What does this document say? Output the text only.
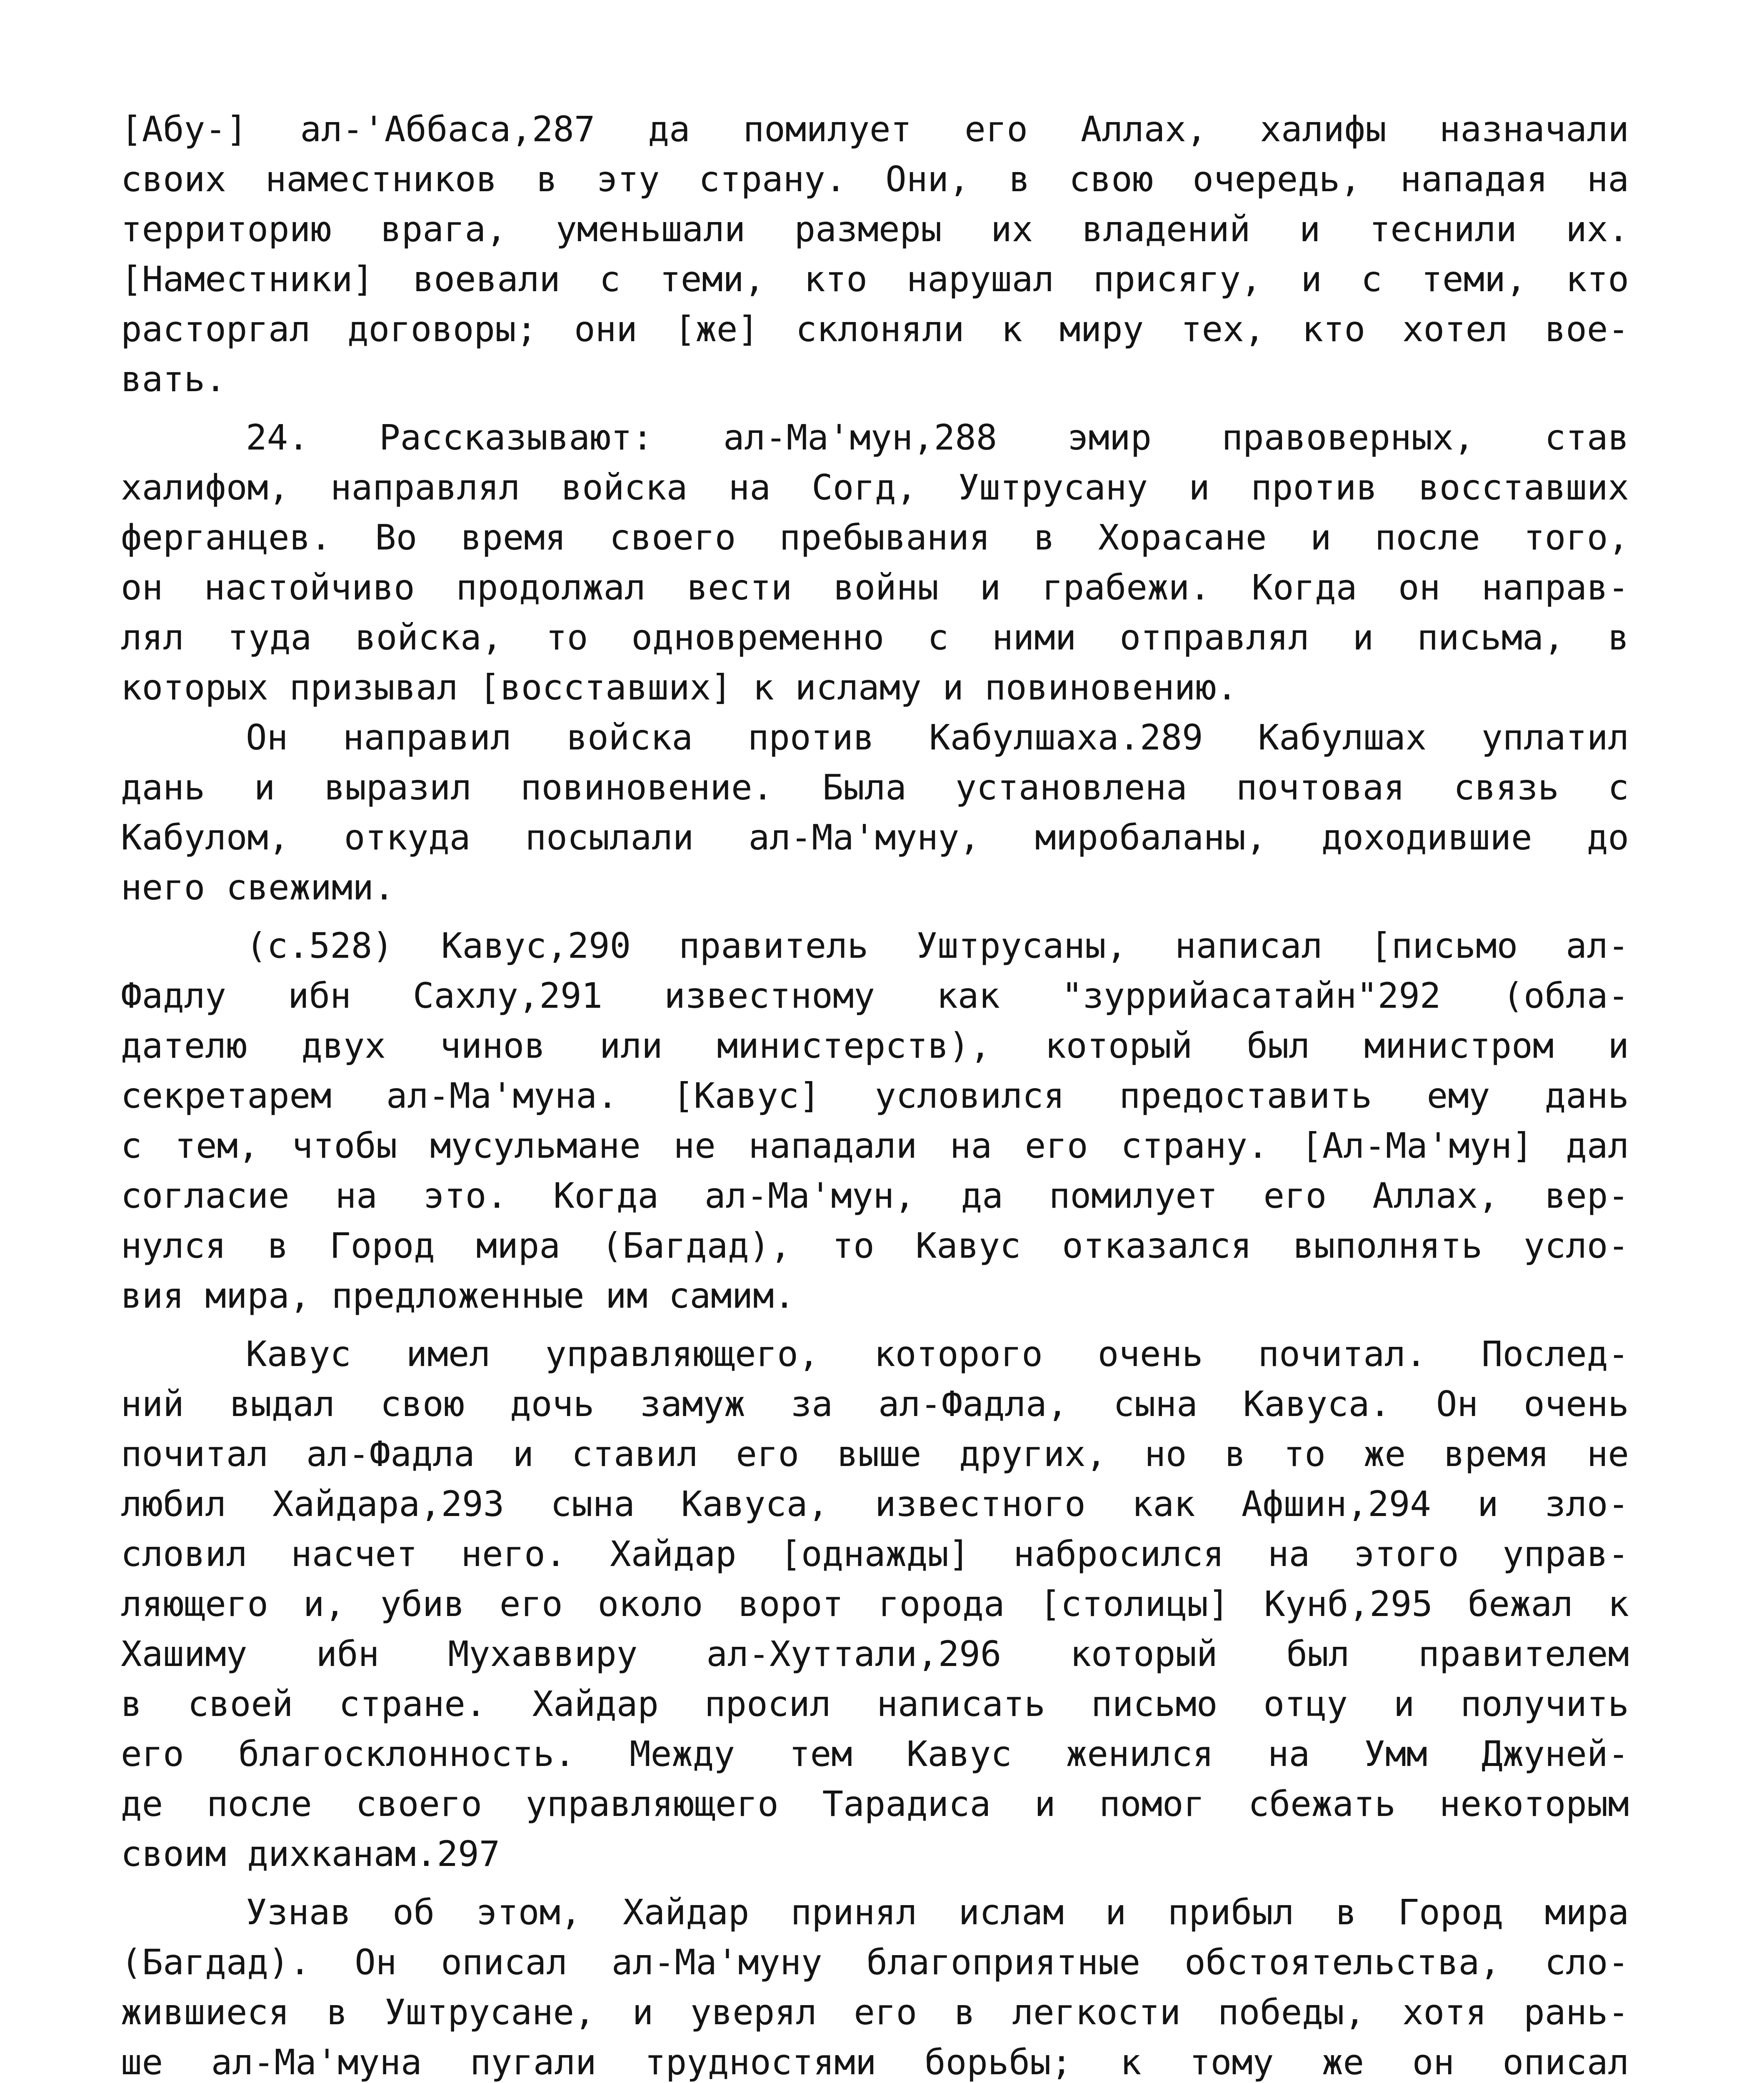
[Абу-] ал-'Аббаса,287 да помилует его Аллах, халифы назначали
своих наместников в эту страну. Они, в свою очередь, нападая на
территорию врага, уменьшали размеры их владений и теснили их.
[Наместники] воевали с теми, кто нарушал присягу, и с теми, кто
расторгал договоры; они [же] склоняли к миру тех, кто хотел вое-
вать.
24. Рассказывают: ал-Ма'мун,288 эмир правоверных, став
халифом, направлял войска на Согд, Уштрусану и против восставших
ферганцев. Во время своего пребывания в Хорасане и после того,
он настойчиво продолжал вести войны и грабежи. Когда он направ-
лял туда войска, то одновременно с ними отправлял и письма, в
которых призывал [восставших] к исламу и повиновению.
Он направил войска против Кабулшаха.289 Кабулшах уплатил
дань и выразил повиновение. Была установлена почтовая связь с
Кабулом, откуда посылали ал-Ма'муну, миробаланы, доходившие до
него свежими.
(с.528) Кавус,290 правитель Уштрусаны, написал [письмо ал-
Фадлу ибн Сахлу,291 известному как "зуррийасатайн"292 (обла-
дателю двух чинов или министерств), который был министром и
секретарем ал-Ма'муна. [Кавус] условился предоставить ему дань
с тем, чтобы мусульмане не нападали на его страну. [Ал-Ма'мун] дал
согласие на это. Когда ал-Ма'мун, да помилует его Аллах, вер-
нулся в Город мира (Багдад), то Кавус отказался выполнять усло-
вия мира, предложенные им самим.
Кавус имел управляющего, которого очень почитал. Послед-
ний выдал свою дочь замуж за ал-Фадла, сына Кавуса. Он очень
почитал ал-Фадла и ставил его выше других, но в то же время не
любил Хайдара,293 сына Кавуса, известного как Афшин,294 и зло-
словил насчет него. Хайдар [однажды] набросился на этого управ-
ляющего и, убив его около ворот города [столицы] Кунб,295 бежал к
Хашиму ибн Мухаввиру ал-Хуттали,296 который был правителем
в своей стране. Хайдар просил написать письмо отцу и получить
его благосклонность. Между тем Кавус женился на Умм Джуней-
де после своего управляющего Тарадиса и помог сбежать некоторым
своим дихканам.297
Узнав об этом, Хайдар принял ислам и прибыл в Город мира
(Багдад). Он описал ал-Ма'муну благоприятные обстоятельства, сло-
жившиеся в Уштрусане, и уверял его в легкости победы, хотя рань-
ше ал-Ма'муна пугали трудностями борьбы; к тому же он описал
